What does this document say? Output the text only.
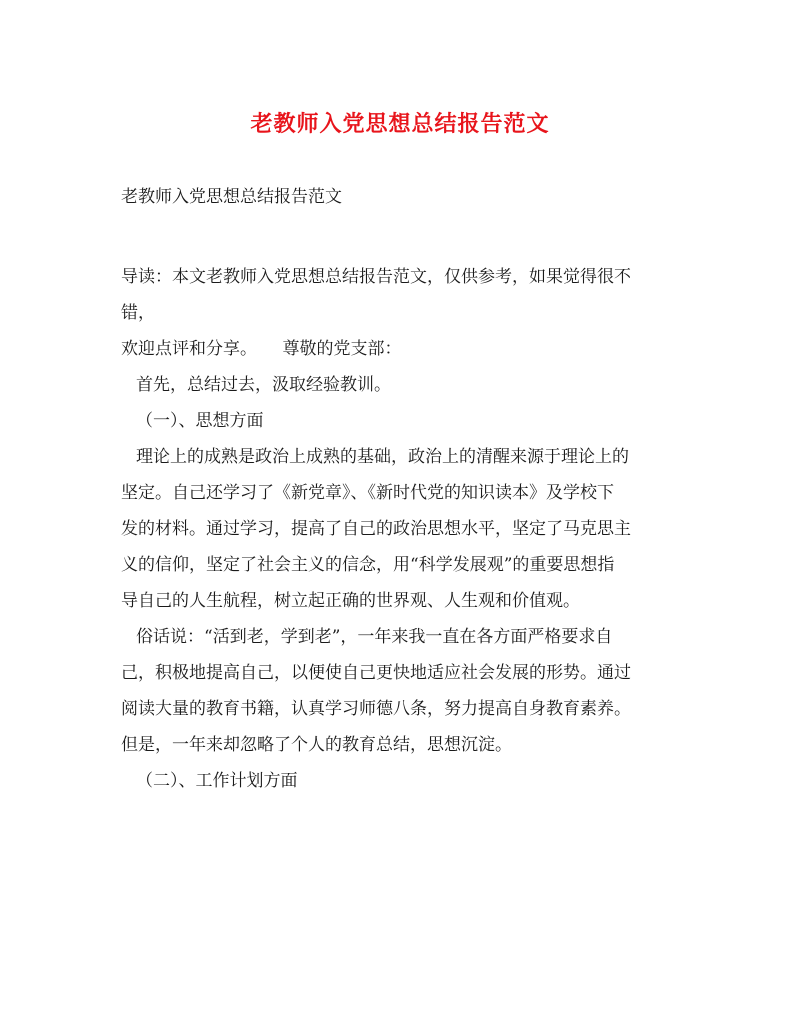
老教师入党思想总结报告范文
老教师入党思想总结报告范文

导读：本文老教师入党思想总结报告范文，仅供参考，如果觉得很不

错，

欢迎点评和分享。　　尊敬的党支部：

首先，总结过去，汲取经验教训。

（一）、思想方面

理论上的成熟是政治上成熟的基础，政治上的清醒来源于理论上的

坚定。自己还学习了《新党章》、《新时代党的知识读本》及学校下

发的材料。通过学习，提高了自己的政治思想水平，坚定了马克思主

义的信仰，坚定了社会主义的信念，用“科学发展观”的重要思想指

导自己的人生航程，树立起正确的世界观、人生观和价值观。

俗话说：“活到老，学到老”，一年来我一直在各方面严格要求自

己，积极地提高自己，以便使自己更快地适应社会发展的形势。通过

阅读大量的教育书籍，认真学习师德八条，努力提高自身教育素养。

但是，一年来却忽略了个人的教育总结，思想沉淀。

（二）、工作计划方面
